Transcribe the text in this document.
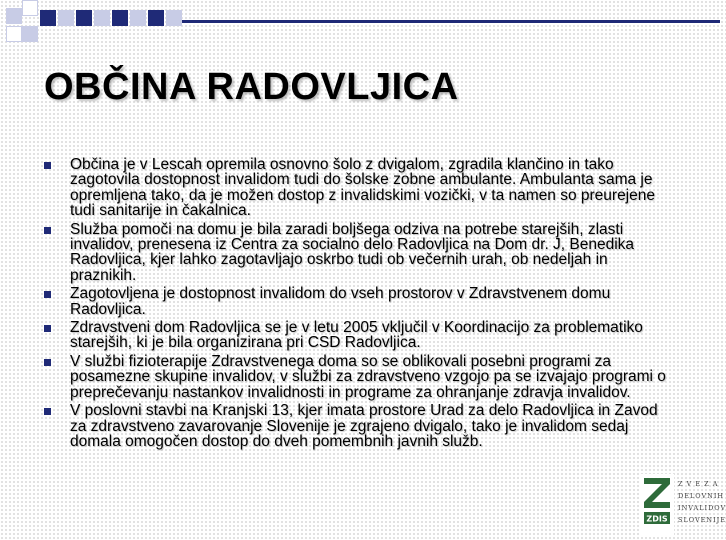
OBČINA RADOVLJICA
Občina je v Lescah opremila osnovno šolo z dvigalom, zgradila klančino in tako zagotovila dostopnost invalidom tudi do šolske zobne ambulante. Ambulanta sama je opremljena tako, da je možen dostop z invalidskimi vozički, v ta namen so preurejene tudi sanitarije in čakalnica.
Služba pomoči na domu je bila zaradi boljšega odziva na potrebe starejših, zlasti invalidov, prenesena iz Centra za socialno delo Radovljica na Dom dr. J, Benedika Radovljica, kjer lahko zagotavljajo oskrbo tudi ob večernih urah, ob nedeljah in praznikih.
Zagotovljena je dostopnost invalidom do vseh prostorov v Zdravstvenem domu Radovljica.
Zdravstveni dom Radovljica se je v letu 2005 vključil v Koordinacijo za problematiko starejših, ki je bila organizirana pri CSD Radovljica.
V službi fizioterapije Zdravstvenega doma so se oblikovali posebni programi za posamezne skupine invalidov, v službi za zdravstveno vzgojo pa se izvajajo programi o preprečevanju nastankov invalidnosti in programe za ohranjanje zdravja invalidov.
V poslovni stavbi na Kranjski 13, kjer imata prostore Urad za delo Radovljica in Zavod za zdravstveno zavarovanje Slovenije je zgrajeno dvigalo, tako je invalidom sedaj domala omogočen dostop do dveh pomembnih javnih služb.
ZDIS
Z V E Z A
DELOVNIH
INVALIDOV
SLOVENIJE
